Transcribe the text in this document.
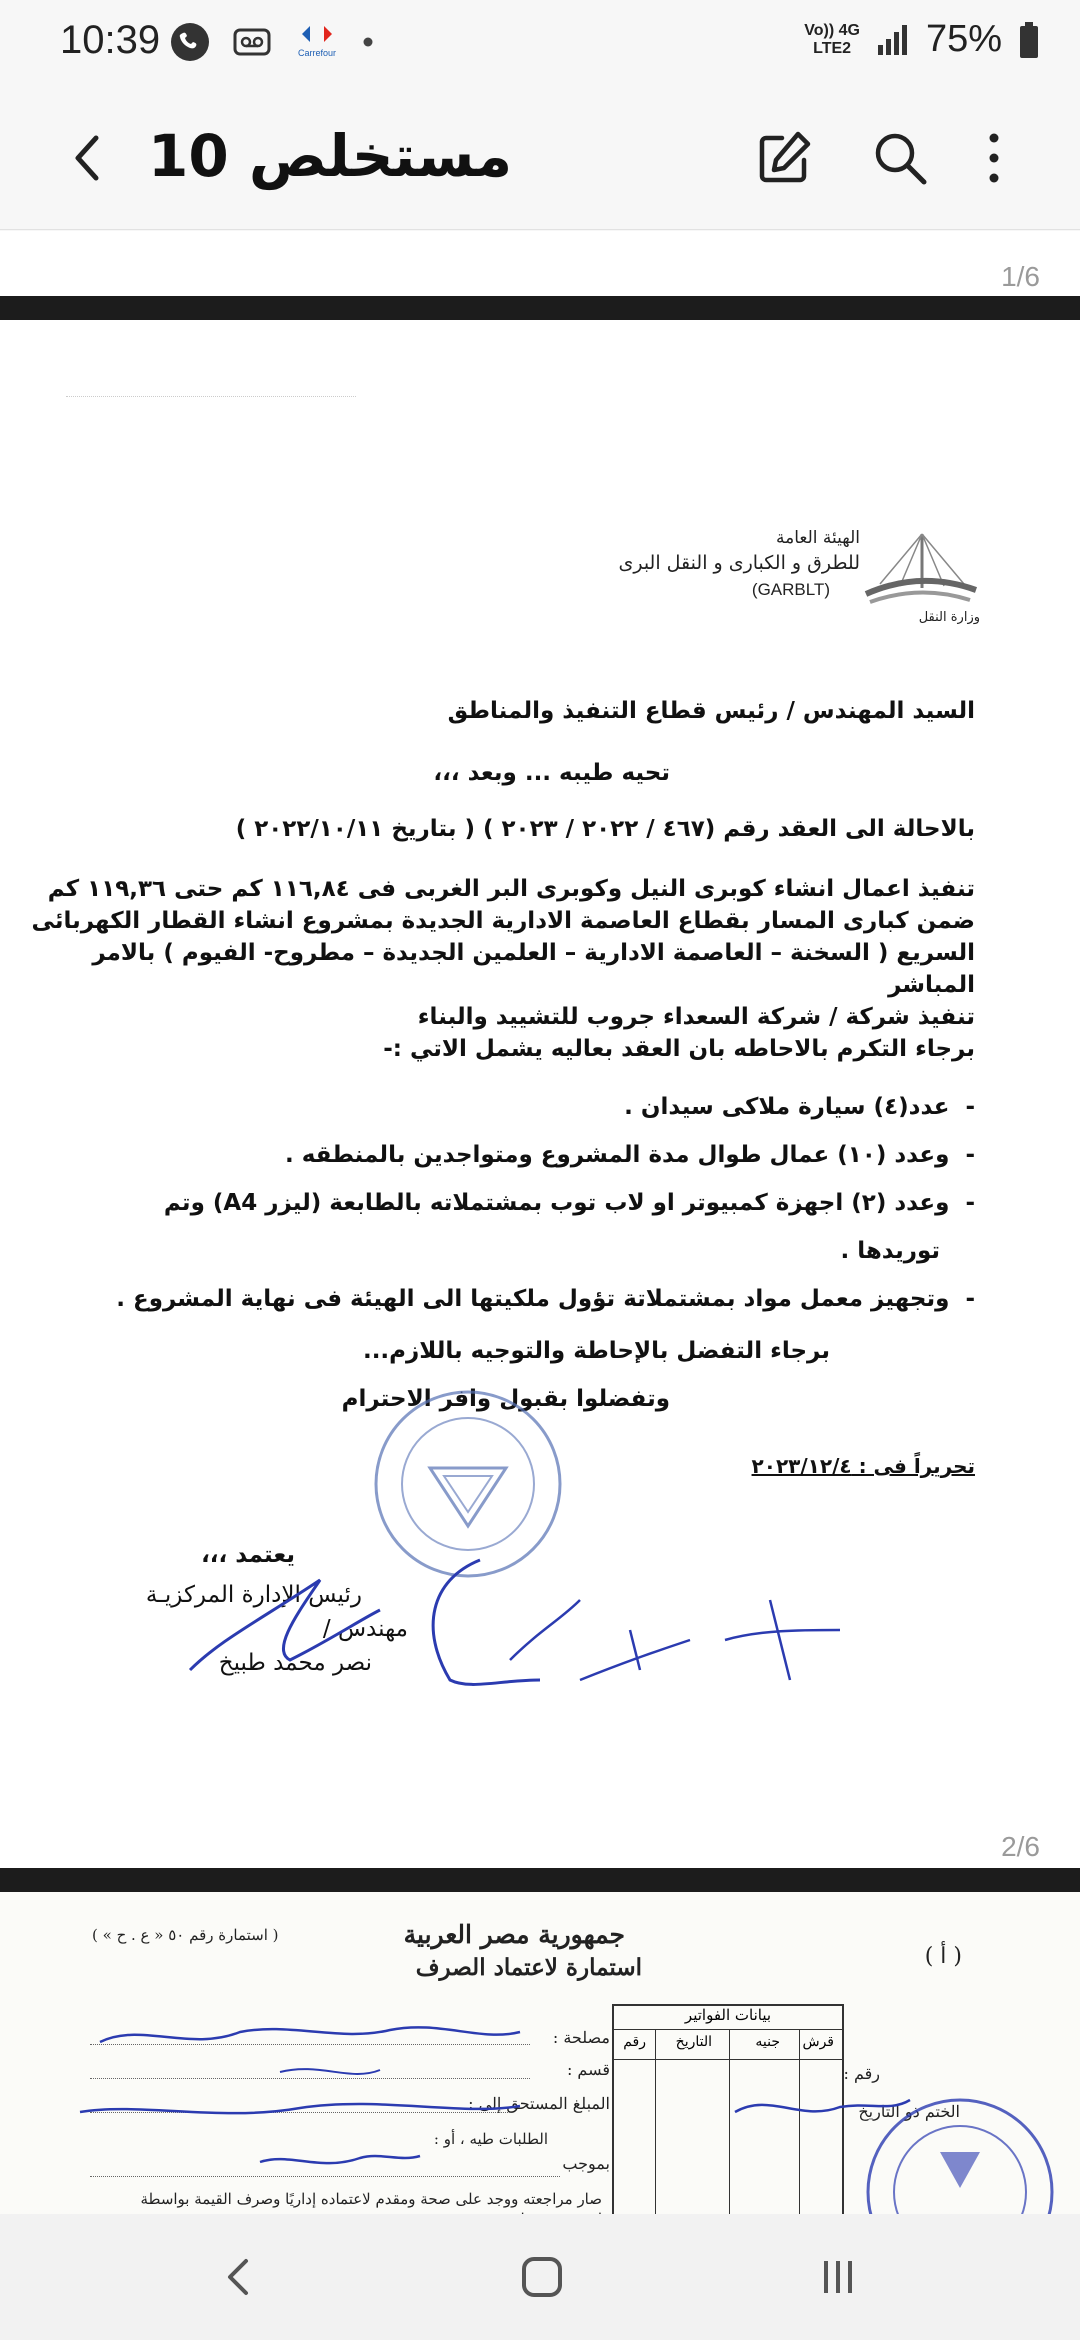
10:39	Carrefour
Vo)) 4G
LTE2 75%
مستخلص 10
1/6
الهيئة العامة
للطرق و الكبارى و النقل البرى
(GARBLT)
وزارة النقل
السيد المهندس / رئيس قطاع التنفيذ والمناطق
تحيه طيبه ... وبعد ،،،
بالاحالة الى العقد رقم (٤٦٧ / ٢٠٢٢ / ٢٠٢٣ ) ( بتاريخ ٢٠٢٢/١٠/١١ )
تنفيذ اعمال انشاء كوبرى النيل وكوبرى البر الغربى فى ١١٦,٨٤ كم حتى ١١٩,٣٦ كم
ضمن كبارى المسار بقطاع العاصمة الادارية الجديدة بمشروع انشاء القطار الكهربائى
السريع ( السخنة – العاصمة الادارية – العلمين الجديدة – مطروح- الفيوم ) بالامر
المباشر
تنفيذ شركة / شركة السعداء جروب للتشييد والبناء
برجاء التكرم بالاحاطه بان العقد بعاليه يشمل الاتي :-
-  عدد(٤) سيارة ملاكى سيدان .
-  وعدد (١٠) عمال طوال مدة المشروع ومتواجدين بالمنطقه .
-  وعدد (٢) اجهزة كمبيوتر او لاب توب بمشتملاته بالطابعة (ليزر A4) وتم
توريدها .
-  وتجهيز معمل مواد بمشتملاتة تؤول ملكيتها الى الهيئة فى نهاية المشروع .
برجاء التفضل بالإحاطة والتوجيه باللازم...
وتفضلوا بقبول وافر الاحترام
تحريراً فى : ٢٠٢٣/١٢/٤
يعتمد ،،،
رئيس الإدارة المركزيـة
مهندس /
نصر محمد طبيخ
2/6
جمهورية مصر العربية
استمارة لاعتماد الصرف
( استمارة رقم ٥٠ « ع . ح » )
( أ )
بيانات الفواتير
قرش
جنيه
التاريخ
رقم
رقم :
الختم ذو التاريخ
مصلحة :
قسم :
المبلغ المستحق إلى :
الطلبات طيه ، أو :
بموجب
صار مراجعته ووجد على صحة ومقدم لاعتماده إداريًا وصرف القيمة بواسطة
